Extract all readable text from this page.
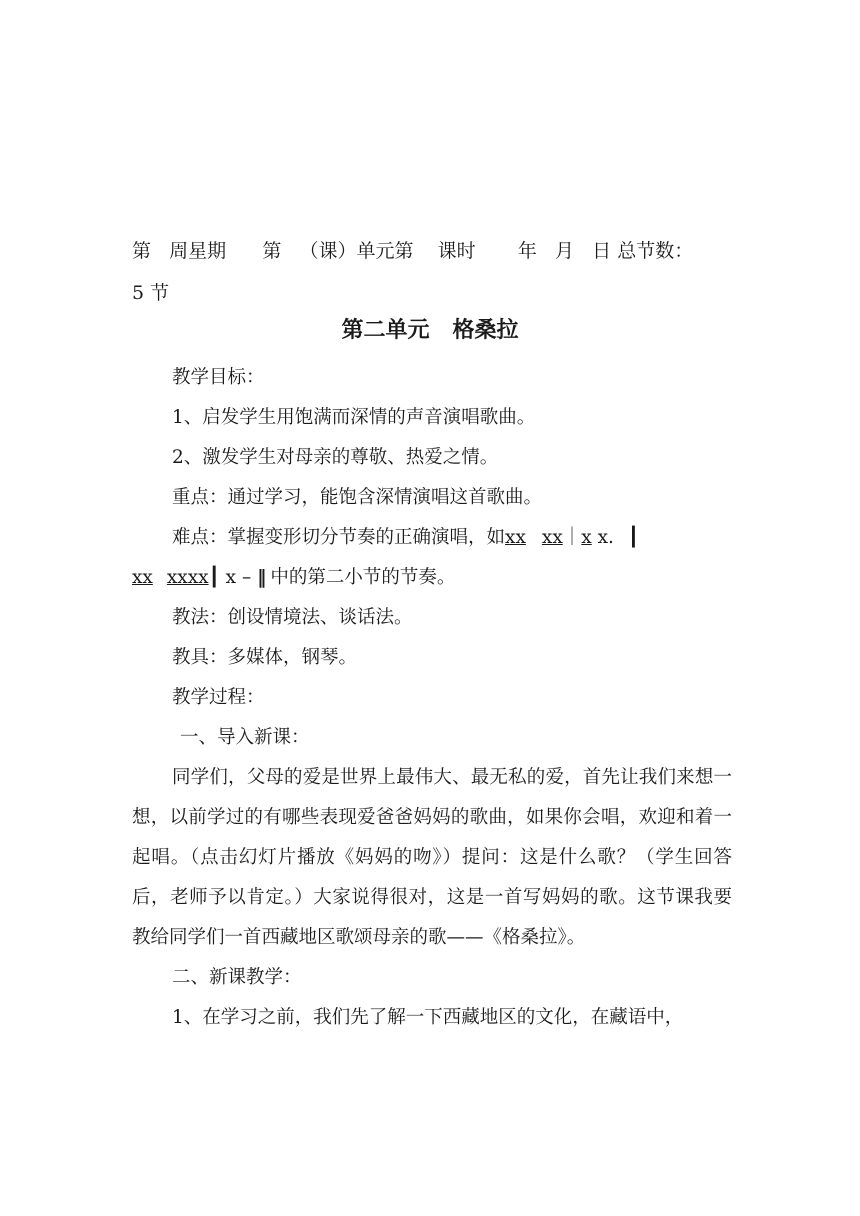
第   周星期      第   （课）单元第    课时       年   月   日 总节数：
5 节
第二单元   格桑拉

教学目标：

1、启发学生用饱满而深情的声音演唱歌曲。

2、激发学生对母亲的尊敬、热爱之情。

重点：通过学习，能饱含深情演唱这首歌曲。

难点：掌握变形切分节奏的正确演唱，如xx xx｜x x. ┃

xx xxxx┃ x – ‖ 中的第二小节的节奏。

教法：创设情境法、谈话法。

教具：多媒体，钢琴。

教学过程：

一、导入新课：

同学们，父母的爱是世界上最伟大、最无私的爱，首先让我们来想一想，以前学过的有哪些表现爱爸爸妈妈的歌曲，如果你会唱，欢迎和着一起唱。（点击幻灯片播放《妈妈的吻》）提问：这是什么歌？（学生回答后，老师予以肯定。）大家说得很对，这是一首写妈妈的歌。这节课我要教给同学们一首西藏地区歌颂母亲的歌——《格桑拉》。

二、新课教学：

1、在学习之前，我们先了解一下西藏地区的文化，在藏语中，
